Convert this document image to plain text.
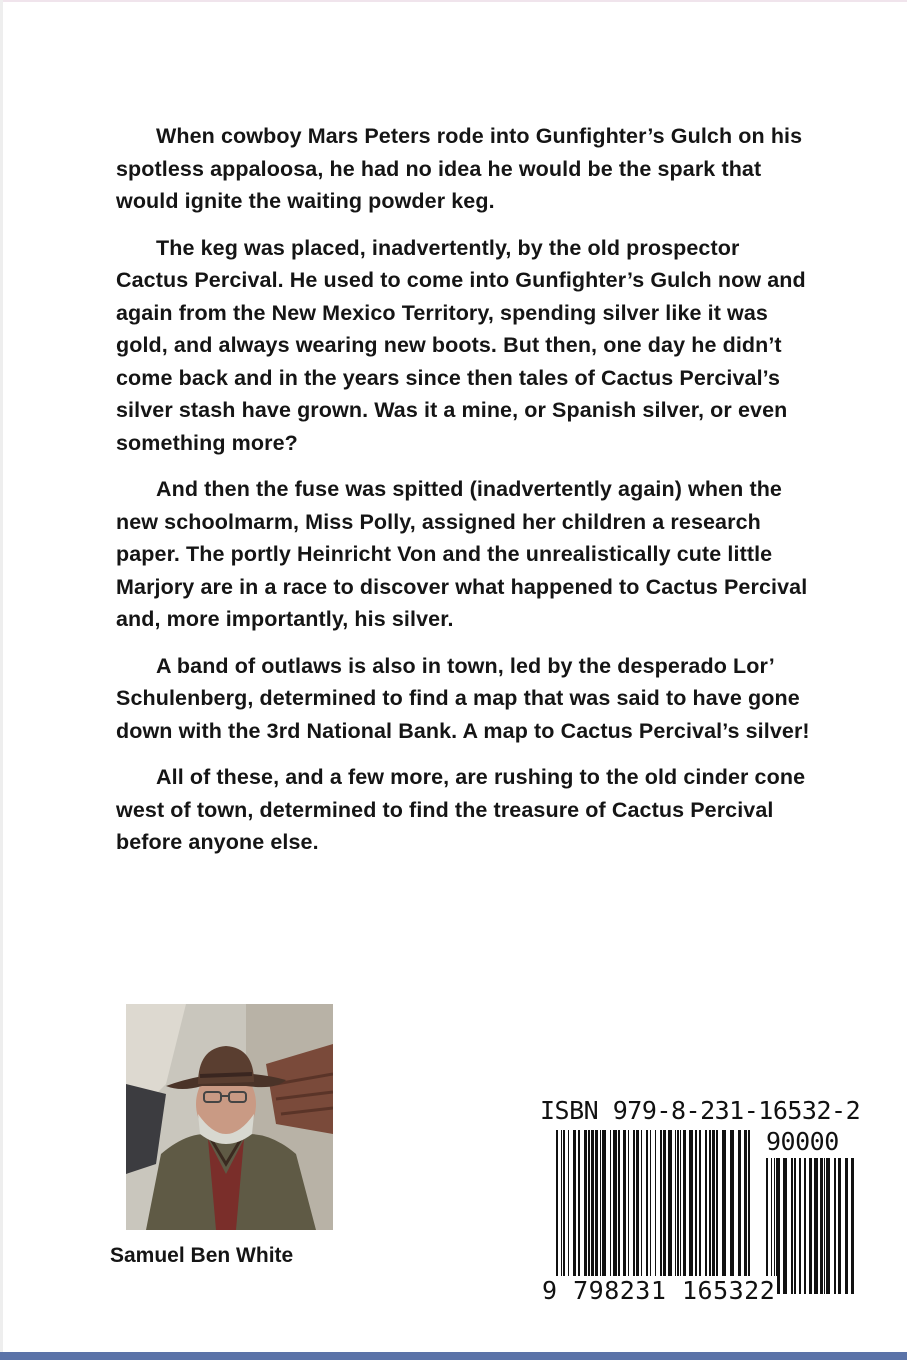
When cowboy Mars Peters rode into Gunfighter’s Gulch on his spotless appaloosa, he had no idea he would be the spark that would ignite the waiting powder keg.

The keg was placed, inadvertently, by the old prospector Cactus Percival. He used to come into Gunfighter’s Gulch now and again from the New Mexico Territory, spending silver like it was gold, and always wearing new boots. But then, one day he didn’t come back and in the years since then tales of Cactus Percival’s silver stash have grown. Was it a mine, or Spanish silver, or even something more?

And then the fuse was spitted (inadvertently again) when the new schoolmarm, Miss Polly, assigned her children a research paper. The portly Heinricht Von and the unrealistically cute little Marjory are in a race to discover what happened to Cactus Percival and, more importantly, his silver.

A band of outlaws is also in town, led by the desperado Lor’ Schulenberg, determined to find a map that was said to have gone down with the 3rd National Bank. A map to Cactus Percival’s silver!

All of these, and a few more, are rushing to the old cinder cone west of town, determined to find the treasure of Cactus Percival before anyone else.

Samuel Ben White
ISBN 979-8-231-16532-2
90000
9 798231 165322
